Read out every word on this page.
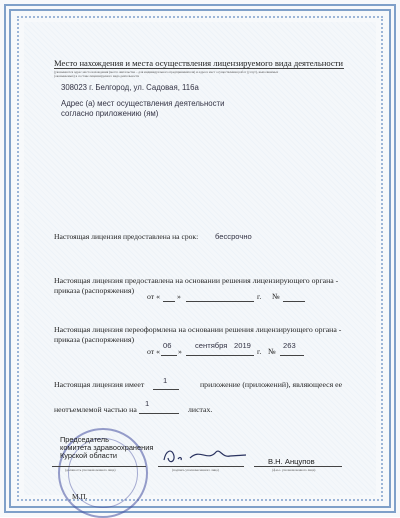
Место нахождения и места осуществления лицензируемого вида деятельности
(указываются адрес места нахождения (место жительства – для индивидуального предпринимателя) и адреса мест осуществления работ (услуг), выполняемых
(оказываемых) в составе лицензируемого вида деятельности
308023 г. Белгород, ул. Садовая, 116а
Адрес (а) мест осуществления деятельности
согласно приложению (ям)
Настоящая лицензия предоставлена на срок: бессрочно
Настоящая лицензия предоставлена на основании решения лицензирующего органа -
приказа (распоряжения)
от « »	г. №
Настоящая лицензия переоформлена на основании решения лицензирующего органа -
приказа (распоряжения)
от «
06
»
сентября 2019
г. №
263
Настоящая лицензия имеет 1	приложение (приложений), являющееся ее
неотъемлемой частью на
1
листах.
Председатель
комитета здравоохранения
Курской области
(должность уполномоченного лица)	(подпись уполномоченного лица)
В.Н. Анцупов
(ф.и.о. уполномоченного лица)
М.П.
